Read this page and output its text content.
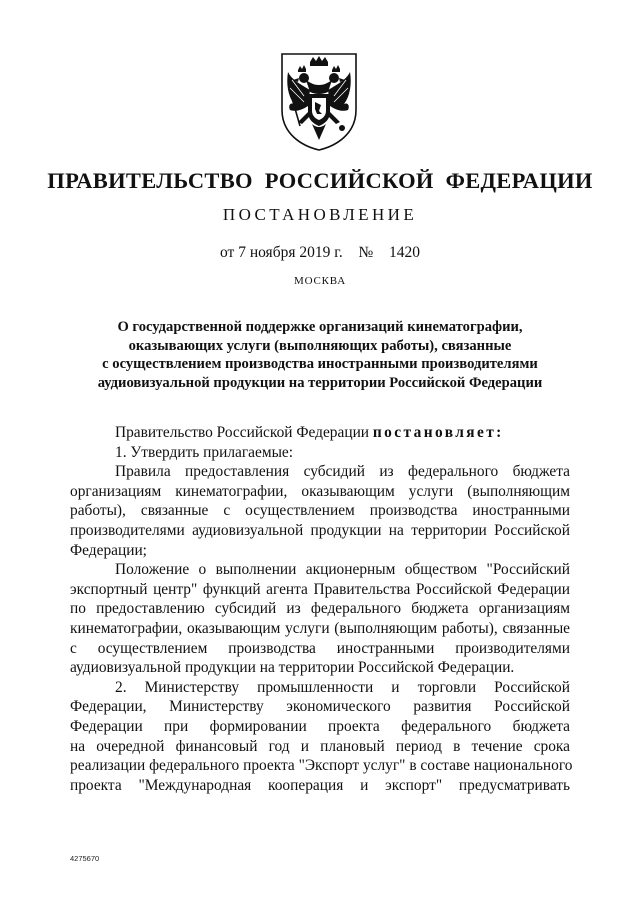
ПРАВИТЕЛЬСТВО РОССИЙСКОЙ ФЕДЕРАЦИИ
ПОСТАНОВЛЕНИЕ
от 7 ноября 2019 г. № 1420
МОСКВА
О государственной поддержке организаций кинематографии,
оказывающих услуги (выполняющих работы), связанные
с осуществлением производства иностранными производителями
аудиовизуальной продукции на территории Российской Федерации
Правительство Российской Федерации постановляет:
1. Утвердить прилагаемые:
Правила предоставления субсидий из федерального бюджета
организациям кинематографии, оказывающим услуги (выполняющим
работы), связанные с осуществлением производства иностранными
производителями аудиовизуальной продукции на территории Российской
Федерации;
Положение о выполнении акционерным обществом "Российский
экспортный центр" функций агента Правительства Российской Федерации
по предоставлению субсидий из федерального бюджета организациям
кинематографии, оказывающим услуги (выполняющим работы), связанные
с осуществлением производства иностранными производителями
аудиовизуальной продукции на территории Российской Федерации.
2. Министерству промышленности и торговли Российской
Федерации, Министерству экономического развития Российской
Федерации при формировании проекта федерального бюджета
на очередной финансовый год и плановый период в течение срока
реализации федерального проекта "Экспорт услуг" в составе национального
проекта "Международная кооперация и экспорт" предусматривать
4275670
